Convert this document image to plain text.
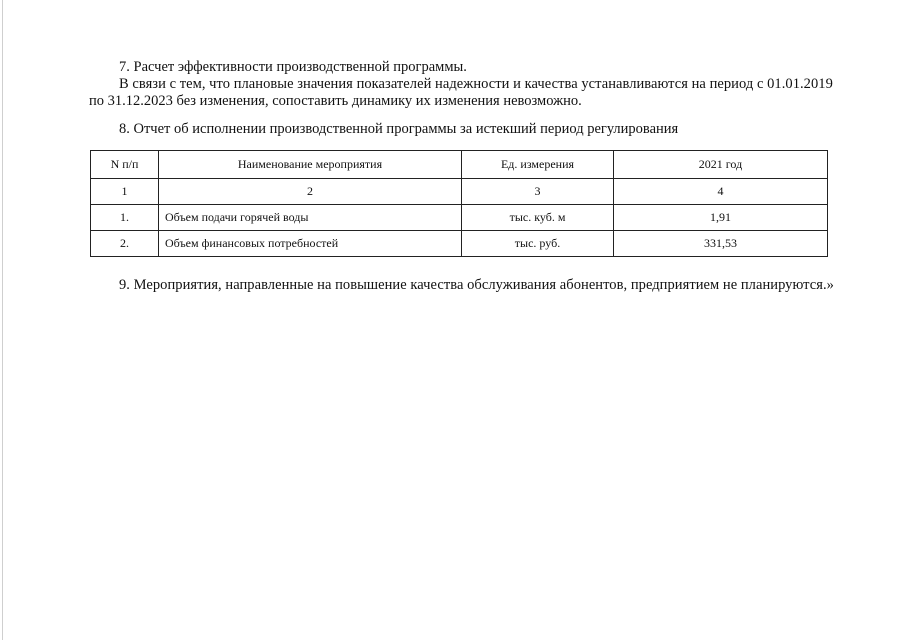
7. Расчет эффективности производственной программы.
В связи с тем, что плановые значения показателей надежности и качества устанавливаются на период с 01.01.2019
по 31.12.2023 без изменения, сопоставить динамику их изменения невозможно.
8. Отчет об исполнении производственной программы за истекший период регулирования
N п/п	Наименование мероприятия	Ед. измерения	2021 год
1	2	3	4
1.	Объем подачи горячей воды	тыс. куб. м	1,91
2.	Объем финансовых потребностей	тыс. руб.	331,53
9. Мероприятия, направленные на повышение качества обслуживания абонентов, предприятием не планируются.»
